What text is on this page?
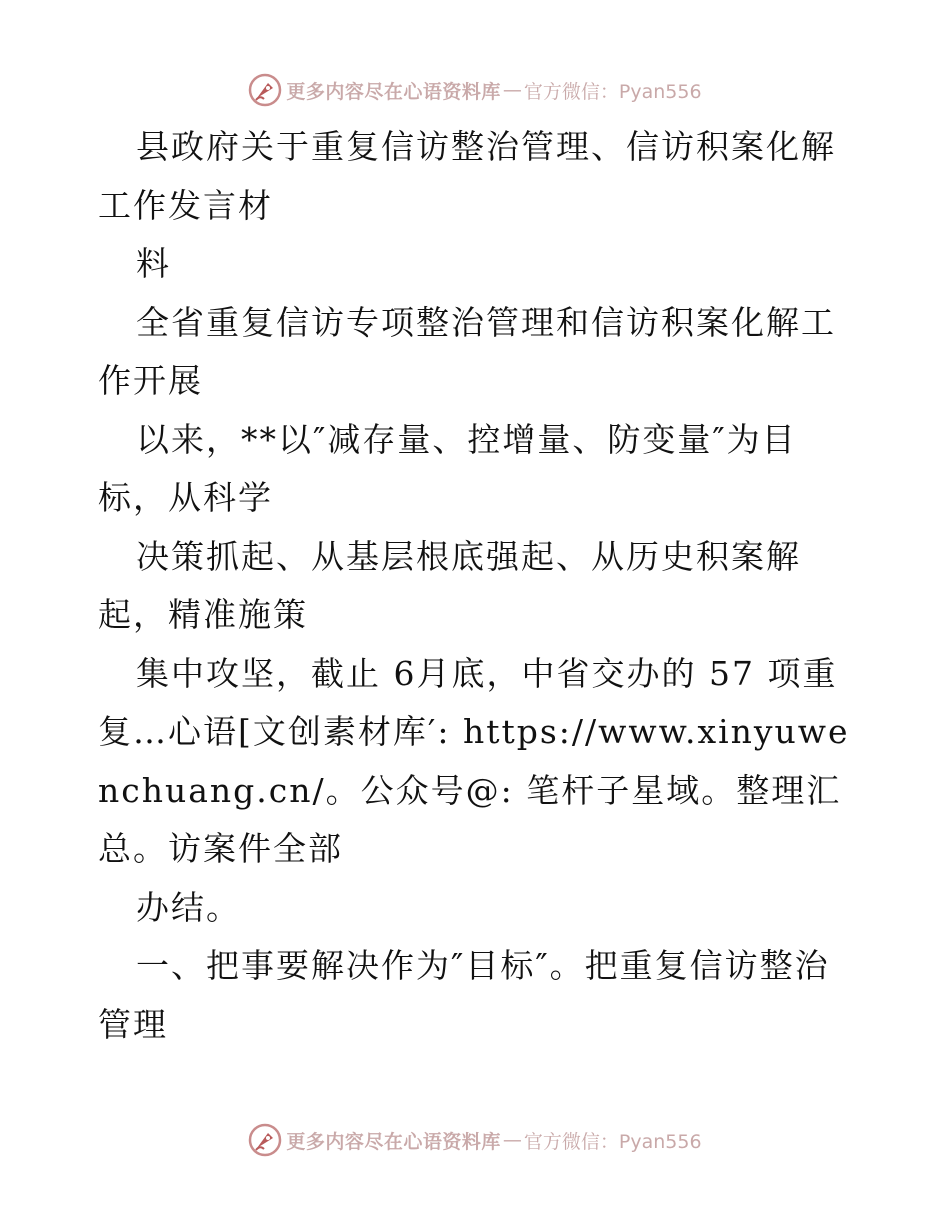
更多内容尽在心语资料库 — 官方微信：Pyan556

县政府关于重复信访整治管理、信访积案化解工作发言材

料

全省重复信访专项整治管理和信访积案化解工作开展

以来，**以″减存量、控增量、防变量″为目标，从科学

决策抓起、从基层根底强起、从历史积案解起，精准施策

集中攻坚，截止 6月底，中省交办的 57 项重复…心语[文创素材库′: https://www.xinyuwenchuang.cn/。公众号@: 笔杆子星域。整理汇总。访案件全部

办结。

一、把事要解决作为″目标″。把重复信访整治管理

更多内容尽在心语资料库 — 官方微信：Pyan556
